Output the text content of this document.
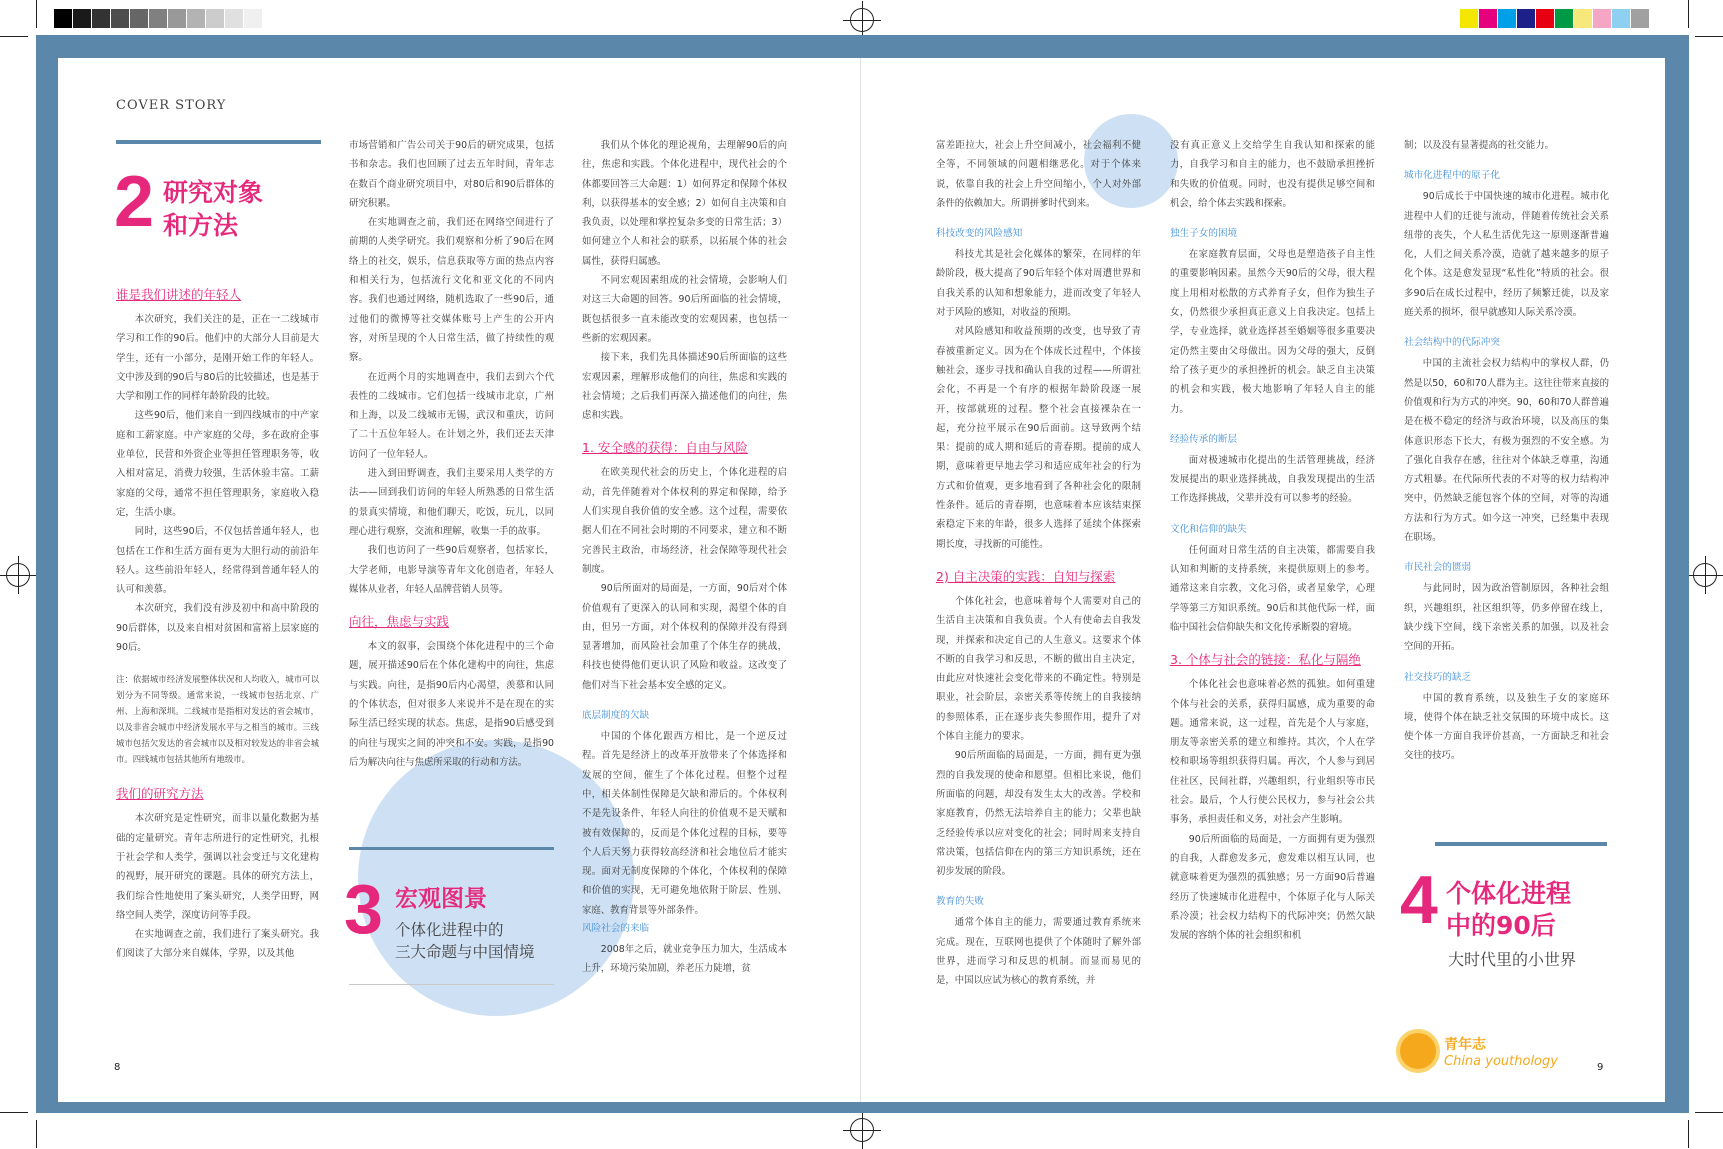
COVER STORY
2 研究对象
和方法
谁是我们讲述的年轻人

本次研究，我们关注的是，正在一二线城市学习和工作的90后。他们中的大部分人目前是大学生，还有一小部分，是刚开始工作的年轻人。文中涉及到的90后与80后的比较描述，也是基于大学和刚工作的同样年龄阶段的比较。

这些90后，他们来自一到四线城市的中产家庭和工薪家庭。中产家庭的父母，多在政府企事业单位，民营和外资企业等担任管理职务等，收入相对富足，消费力较强，生活休验丰富。工薪家庭的父母，通常不担任管理职务，家庭收入稳定，生活小康。

同时，这些90后，不仅包括普通年轻人，也包括在工作和生活方面有更为大胆行动的前沿年轻人。这些前沿年轻人，经常得到普通年轻人的认可和羡慕。

本次研究，我们没有涉及初中和高中阶段的90后群体，以及来自相对贫困和富裕上层家庭的90后。

注：依据城市经济发展整体状况和人均收入，城市可以划分为不同等级。通常来说，一线城市包括北京、广州、上海和深圳。二线城市是指相对发达的省会城市，以及非省会城市中经济发展水平与之相当的城市。三线城市包括欠发达的省会城市以及相对较发达的非省会城市。四线城市包括其他所有地级市。

我们的研究方法

本次研究是定性研究，而非以量化数据为基础的定量研究。青年志所进行的定性研究，扎根于社会学和人类学，强调以社会变迁与文化建构的视野，展开研究的课题。具体的研究方法上，我们综合性地使用了案头研究，人类学田野，网络空间人类学，深度访问等手段。

在实地调查之前，我们进行了案头研究。我们阅读了大部分来自媒体，学界，以及其他

市场营销和广告公司关于90后的研究成果，包括书和杂志。我们也回顾了过去五年时间，青年志在数百个商业研究项目中，对80后和90后群体的研究积累。

在实地调查之前，我们还在网络空间进行了前期的人类学研究。我们观察和分析了90后在网络上的社交，娱乐，信息获取等方面的热点内容和相关行为，包括流行文化和亚文化的不同内容。我们也通过网络，随机选取了一些90后，通过他们的微博等社交媒体账号上产生的公开内容，对所呈现的个人日常生活，做了持续性的观察。

在近两个月的实地调查中，我们去到六个代表性的二线城市。它们包括一线城市北京，广州和上海，以及二线城市无锡，武汉和重庆，访问了二十五位年轻人。在计划之外，我们还去天津访问了一位年轻人。

进入到田野调查，我们主要采用人类学的方法——回到我们访问的年轻人所熟悉的日常生活的景真实情境，和他们聊天，吃饭，玩儿，以同理心进行观察，交流和理解，收集一手的故事。

我们也访问了一些90后观察者，包括家长，大学老师，电影导演等青年文化创造者，年轻人媒体从业者，年轻人品牌营销人员等。

向往，焦虑与实践

本文的叙事，会围绕个体化进程中的三个命题，展开描述90后在个体化建构中的向往，焦虑与实践。向往，是指90后内心渴望，羡慕和认同的个体状态，但对很多人来说并不是在现在的实际生活已经实现的状态。焦虑，是指90后感受到的向往与现实之间的冲突和不安。实践，是指90后为解决向往与焦虑所采取的行动和方法。

3 宏观图景
个体化进程中的
三大命题与中国情境

我们从个体化的理论视角，去理解90后的向往，焦虑和实践。个体化进程中，现代社会的个体都要回答三大命题：1）如何界定和保障个体权利，以获得基本的安全感；2）如何自主决策和自我负责，以处理和掌控复杂多变的日常生活；3）如何建立个人和社会的联系，以拓展个体的社会属性，获得归属感。

不同宏观因素组成的社会情境，会影响人们对这三大命题的回答。90后所面临的社会情境，既包括很多一直未能改变的宏观因素，也包括一些新的宏观因素。

接下来，我们先具体描述90后所面临的这些宏观因素，理解形成他们的向往，焦虑和实践的社会情境；之后我们再深入描述他们的向往，焦虑和实践。

1. 安全感的获得：自由与风险

在欧美现代社会的历史上，个体化进程的启动，首先伴随着对个体权利的界定和保障，给予人们实现自我价值的安全感。这个过程，需要依据人们在不同社会时期的不同要求，建立和不断完善民主政治，市场经济，社会保障等现代社会制度。

90后所面对的局面是，一方面，90后对个体价值观有了更深入的认同和实现，渴望个体的自由，但另一方面，对个体权利的保障并没有得到显著增加，而风险社会加重了个体生存的挑战，科技也使得他们更认识了风险和收益。这改变了他们对当下社会基本安全感的定义。

底层制度的欠缺

中国的个体化跟西方相比，是一个逆反过程。首先是经济上的改革开放带来了个体选择和发展的空间，催生了个体化过程。但整个过程中，相关体制性保障是欠缺和滞后的。个体权利不是先设条件，年轻人向往的价值观不是天赋和被有效保障的，反而是个体化过程的目标，要等个人后天努力获得较高经济和社会地位后才能实现。面对无制度保障的个体化，个体权利的保障和价值的实现，无可避免地依附于阶层、性别、家庭、教育背景等外部条件。

风险社会的来临

2008年之后，就业竞争压力加大，生活成本上升，环境污染加剧，养老压力陡增，贫

富差距拉大，社会上升空间减小，社会福利不健全等，不同领域的问题相继恶化。对于个体来说，依靠自我的社会上升空间缩小，个人对外部条件的依赖加大。所谓拼爹时代到来。

科技改变的风险感知

科技尤其是社会化媒体的繁荣，在同样的年龄阶段，极大提高了90后年轻个体对周遭世界和自我关系的认知和想象能力，进而改变了年轻人对于风险的感知，对收益的预期。

对风险感知和收益预期的改变，也导致了青春被重新定义。因为在个体成长过程中，个体接触社会，逐步寻找和确认自我的过程——所谓社会化，不再是一个有序的根据年龄阶段逐一展开，按部就班的过程。整个社会直接裸杂在一起，充分拉平展示在90后面前。这导致两个结果：提前的成人期和延后的青春期。提前的成人期，意味着更早地去学习和适应成年社会的行为方式和价值观，更多地看到了各种社会化的限制性条件。延后的青春期，也意味着本应该结束探索稳定下来的年龄，很多人选择了延续个体探索期长度，寻找新的可能性。

2) 自主决策的实践：自知与探索

个体化社会，也意味着每个人需要对自己的生活自主决策和自我负责。个人有使命去自我发现，并探索和决定自己的人生意义。这要求个体不断的自我学习和反思，不断的做出自主决定，由此应对快速社会变化带来的不确定性。特别是职业，社会阶层，亲密关系等传统上的自我接纳的参照体系，正在逐步丧失参照作用，提升了对个体自主能力的要求。

90后所面临的局面是，一方面，拥有更为强烈的自我发现的使命和愿望。但相比来说，他们所面临的问题，却没有发生太大的改善。学校和家庭教育，仍然无法培养自主的能力；父辈也缺乏经验传承以应对变化的社会；同时周来支持自常决策，包括信仰在内的第三方知识系统，还在初步发展的阶段。

教育的失败

通常个体自主的能力，需要通过教育系统来完成。现在，互联网也提供了个体随时了解外部世界，进而学习和反思的机制。而显而易见的是，中国以应试为核心的教育系统，并

没有真正意义上交给学生自我认知和探索的能力，自我学习和自主的能力，也不鼓励承担挫折和失败的价值观。同时，也没有提供足够空间和机会，给个体去实践和探索。

独生子女的困境

在家庭教育层面，父母也是塑造孩子自主性的重要影响因素。虽然今天90后的父母，很大程度上用相对松散的方式养育子女，但作为独生子女，仍然很少承担真正意义上自我决定。包括上学，专业选择，就业选择甚至婚姻等很多重要决定仍然主要由父母做出。因为父母的强大，反倒给了孩子更少的承担挫折的机会。缺乏自主决策的机会和实践，极大地影响了年轻人自主的能力。

经验传承的断层

面对极速城市化提出的生活管理挑战，经济发展提出的职业选择挑战，自我发现提出的生活工作选择挑战，父辈并没有可以参考的经验。

文化和信仰的缺失

任何面对日常生活的自主决策，都需要自我认知和判断的支持系统，来提供原则上的参考。通常这来自宗教，文化习俗，或者星象学，心理学等第三方知识系统。90后和其他代际一样，面临中国社会信仰缺失和文化传承断裂的窘境。

3. 个体与社会的链接：私化与隔绝

个体化社会也意味着必然的孤独。如何重建个体与社会的关系，获得归属感，成为重要的命题。通常来说，这一过程，首先是个人与家庭，朋友等亲密关系的建立和维持。其次，个人在学校和职场等组织获得归属。再次，个人参与到居住社区，民间社群，兴趣组织，行业组织等市民社会。最后，个人行使公民权力，参与社会公共事务，承担责任和义务，对社会产生影响。

90后所面临的局面是，一方面拥有更为强烈的自我，人群愈发多元，愈发难以相互认同，也就意味着更为强烈的孤独感；另一方面90后普遍经历了快速城市化进程中，个体原子化与人际关系冷漠；社会权力结构下的代际冲突；仍然欠缺发展的容纳个体的社会组织和机

制；以及没有显著提高的社交能力。

城市化进程中的原子化

90后成长于中国快速的城市化进程。城市化进程中人们的迁徙与流动，伴随着传统社会关系纽带的丧失，个人私生活优先这一原则逐渐普遍化，人们之间关系冷漠，造就了越来越多的原子化个体。这是愈发显现“私性化”特质的社会。很多90后在成长过程中，经历了频繁迁徙，以及家庭关系的损坏，很早就感知人际关系冷漠。

社会结构中的代际冲突

中国的主流社会权力结构中的掌权人群，仍然是以50，60和70人群为主。这往往带来直接的价值观和行为方式的冲突。90，60和70人群普遍是在极不稳定的经济与政治环境，以及高压的集体意识形态下长大，有极为强烈的不安全感。为了强化自我存在感，往往对个体缺乏尊重，沟通方式粗暴。在代际所代表的不对等的权力结构冲突中，仍然缺乏能包容个体的空间，对等的沟通方法和行为方式。如今这一冲突，已经集中表现在职场。

市民社会的匮弱

与此同时，因为政治管制原因，各种社会组织，兴趣组织，社区组织等，仍多停留在线上，缺少线下空间，线下亲密关系的加强，以及社会空间的开拓。

社交技巧的缺乏

中国的教育系统，以及独生子女的家庭环境，使得个体在缺乏社交氛围的环境中成长。这使个体一方面自我评价甚高，一方面缺乏和社会交往的技巧。

4 个体化进程
中的90后
大时代里的小世界
8	9
青年志
China youthology
